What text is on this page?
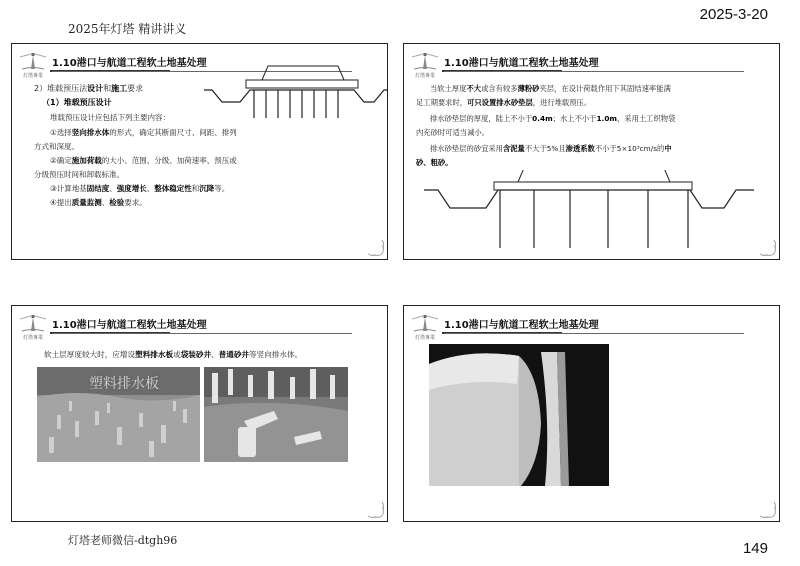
2025年灯塔 精讲讲义
2025-3-20
灯塔老师微信-dtgh96	149
灯塔專業
1.10港口与航道工程软土地基处理
2）堆载预压法设计和施工要求
（1）堆载预压设计
堆载预压设计应包括下列主要内容：
①选择竖向排水体的形式，确定其断面尺寸、间距、排列
方式和深度。
②确定施加荷载的大小、范围、分级、加荷速率、预压或
分级预压时间和卸载标准。
③计算地基固结度、强度增长、整体稳定性和沉降等。
④提出质量监测、检验要求。
灯塔專業
1.10港口与航道工程软土地基处理
当软土厚度不大或含有较多薄粉砂夹层，在设计荷载作用下其固结速率能满
足工期要求时，可只设置排水砂垫层，进行堆载预压。
排水砂垫层的厚度，陆上不小于0.4m；水上不小于1.0m，采用土工织物袋
内充砂时可适当减小。
排水砂垫层的砂宜采用含泥量不大于5%且渗透系数不小于5×10³cm/s的中
砂、粗砂。
灯塔專業
1.10港口与航道工程软土地基处理
软土层厚度较大时，应增设塑料排水板或袋装砂井、普通砂井等竖向排水体。
塑料排水板
灯塔專業
1.10港口与航道工程软土地基处理
